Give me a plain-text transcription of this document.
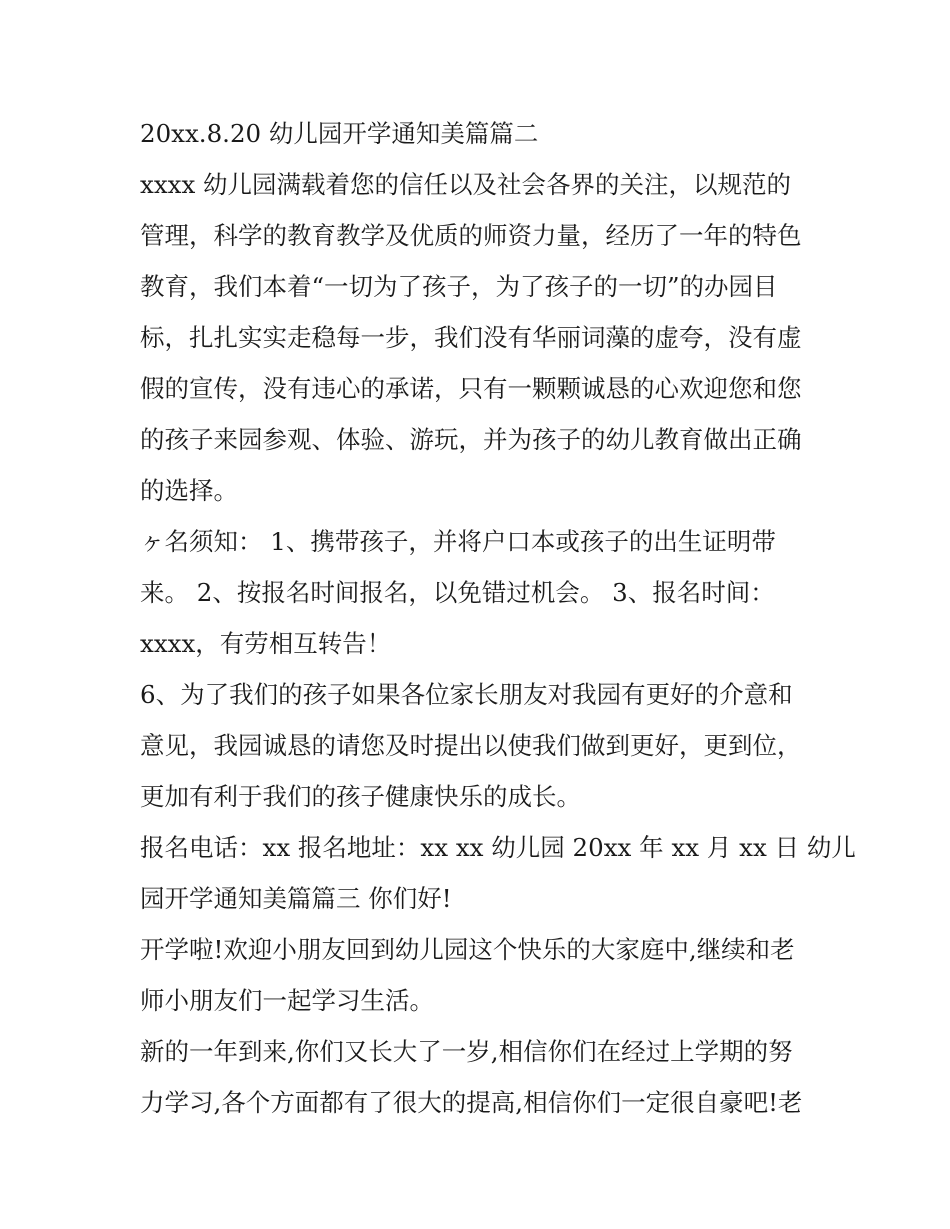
20xx.8.20 幼儿园开学通知美篇篇二

xxxx 幼儿园满载着您的信任以及社会各界的关注，以规范的
管理，科学的教育教学及优质的师资力量，经历了一年的特色
教育，我们本着“一切为了孩子，为了孩子的一切”的办园目
标，扎扎实实走稳每一步，我们没有华丽词藻的虚夸，没有虚
假的宣传，没有违心的承诺，只有一颗颗诚恳的心欢迎您和您
的孩子来园参观、体验、游玩，并为孩子的幼儿教育做出正确
的选择。

ヶ名须知： 1、携带孩子，并将户口本或孩子的出生证明带
来。 2、按报名时间报名，以免错过机会。 3、报名时间：
xxxx，有劳相互转告！

6、为了我们的孩子如果各位家长朋友对我园有更好的介意和
意见，我园诚恳的请您及时提出以使我们做到更好，更到位，
更加有利于我们的孩子健康快乐的成长。

报名电话：xx 报名地址：xx xx 幼儿园 20xx 年 xx 月 xx 日 幼儿
园开学通知美篇篇三 你们好!

开学啦!欢迎小朋友回到幼儿园这个快乐的大家庭中,继续和老
师小朋友们一起学习生活。

新的一年到来,你们又长大了一岁,相信你们在经过上学期的努
力学习,各个方面都有了很大的提高,相信你们一定很自豪吧!老
